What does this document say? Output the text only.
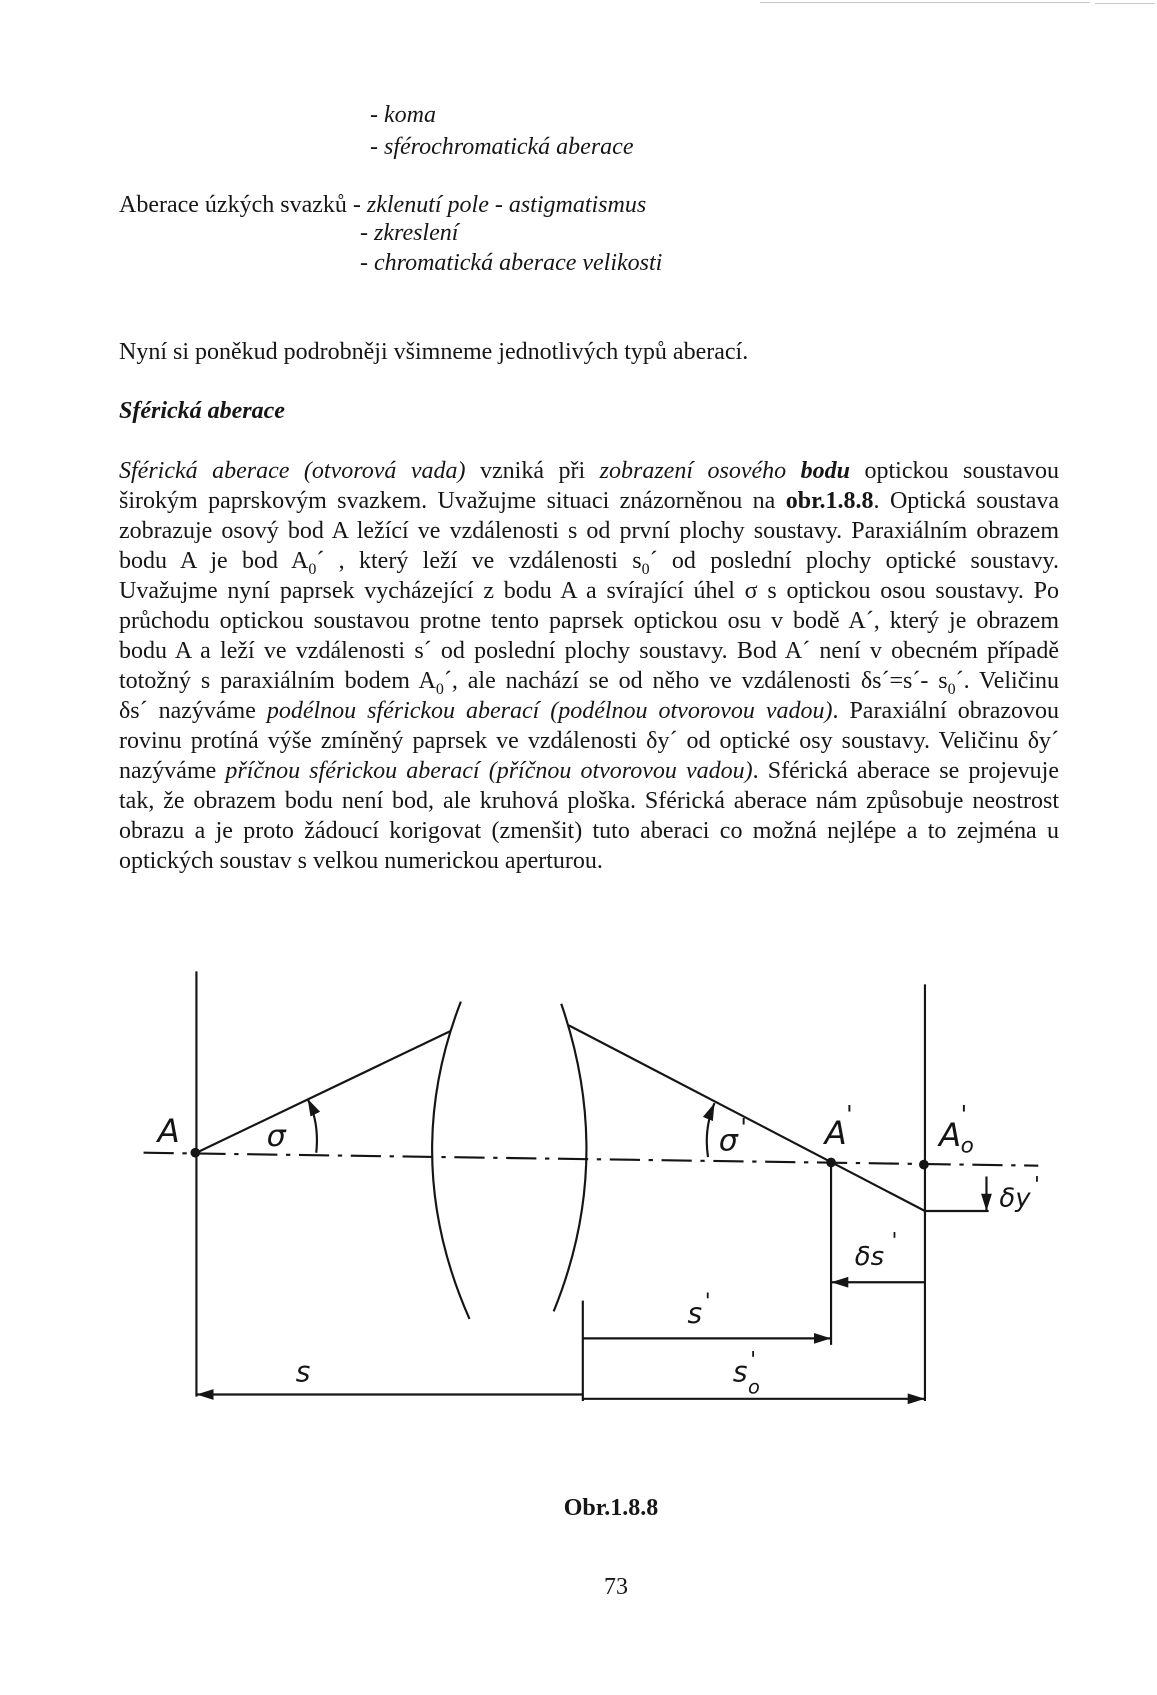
- koma
- sférochromatická aberace
Aberace úzkých svazků - zklenutí pole - astigmatismus
- zkreslení
- chromatická aberace velikosti
Nyní si poněkud podrobněji všimneme jednotlivých typů aberací.
Sférická aberace
Sférická aberace (otvorová vada) vzniká při zobrazení osového bodu optickou soustavou
širokým paprskovým svazkem. Uvažujme situaci znázorněnou na obr.1.8.8. Optická soustava
zobrazuje osový bod A ležící ve vzdálenosti s od první plochy soustavy. Paraxiálním obrazem
bodu A je bod $A_0´$ , který leží ve vzdálenosti $s_0´$ od poslední plochy optické soustavy.
Uvažujme nyní paprsek vycházející z bodu A a svírající úhel σ s optickou osou soustavy. Po
průchodu optickou soustavou protne tento paprsek optickou osu v bodě A´, který je obrazem
bodu A a leží ve vzdálenosti s´ od poslední plochy soustavy. Bod A´ není v obecném případě
totožný s paraxiálním bodem $A_0´$, ale nachází se od něho ve vzdálenosti δs´=s´- $s_0´$. Veličinu
δs´ nazýváme podélnou sférickou aberací (podélnou otvorovou vadou). Paraxiální obrazovou
rovinu protíná výše zmíněný paprsek ve vzdálenosti δy´ od optické osy soustavy. Veličinu δy´
nazýváme příčnou sférickou aberací (příčnou otvorovou vadou). Sférická aberace se projevuje
tak, že obrazem bodu není bod, ale kruhová ploška. Sférická aberace nám způsobuje neostrost
obrazu a je proto žádoucí korigovat (zmenšit) tuto aberaci co možná nejlépe a to zejména u
optických soustav s velkou numerickou aperturou.
A	σ	σ '	A '
A
'
o
δy '
δs
'
s '
s	s '
o
Obr.1.8.8
73
